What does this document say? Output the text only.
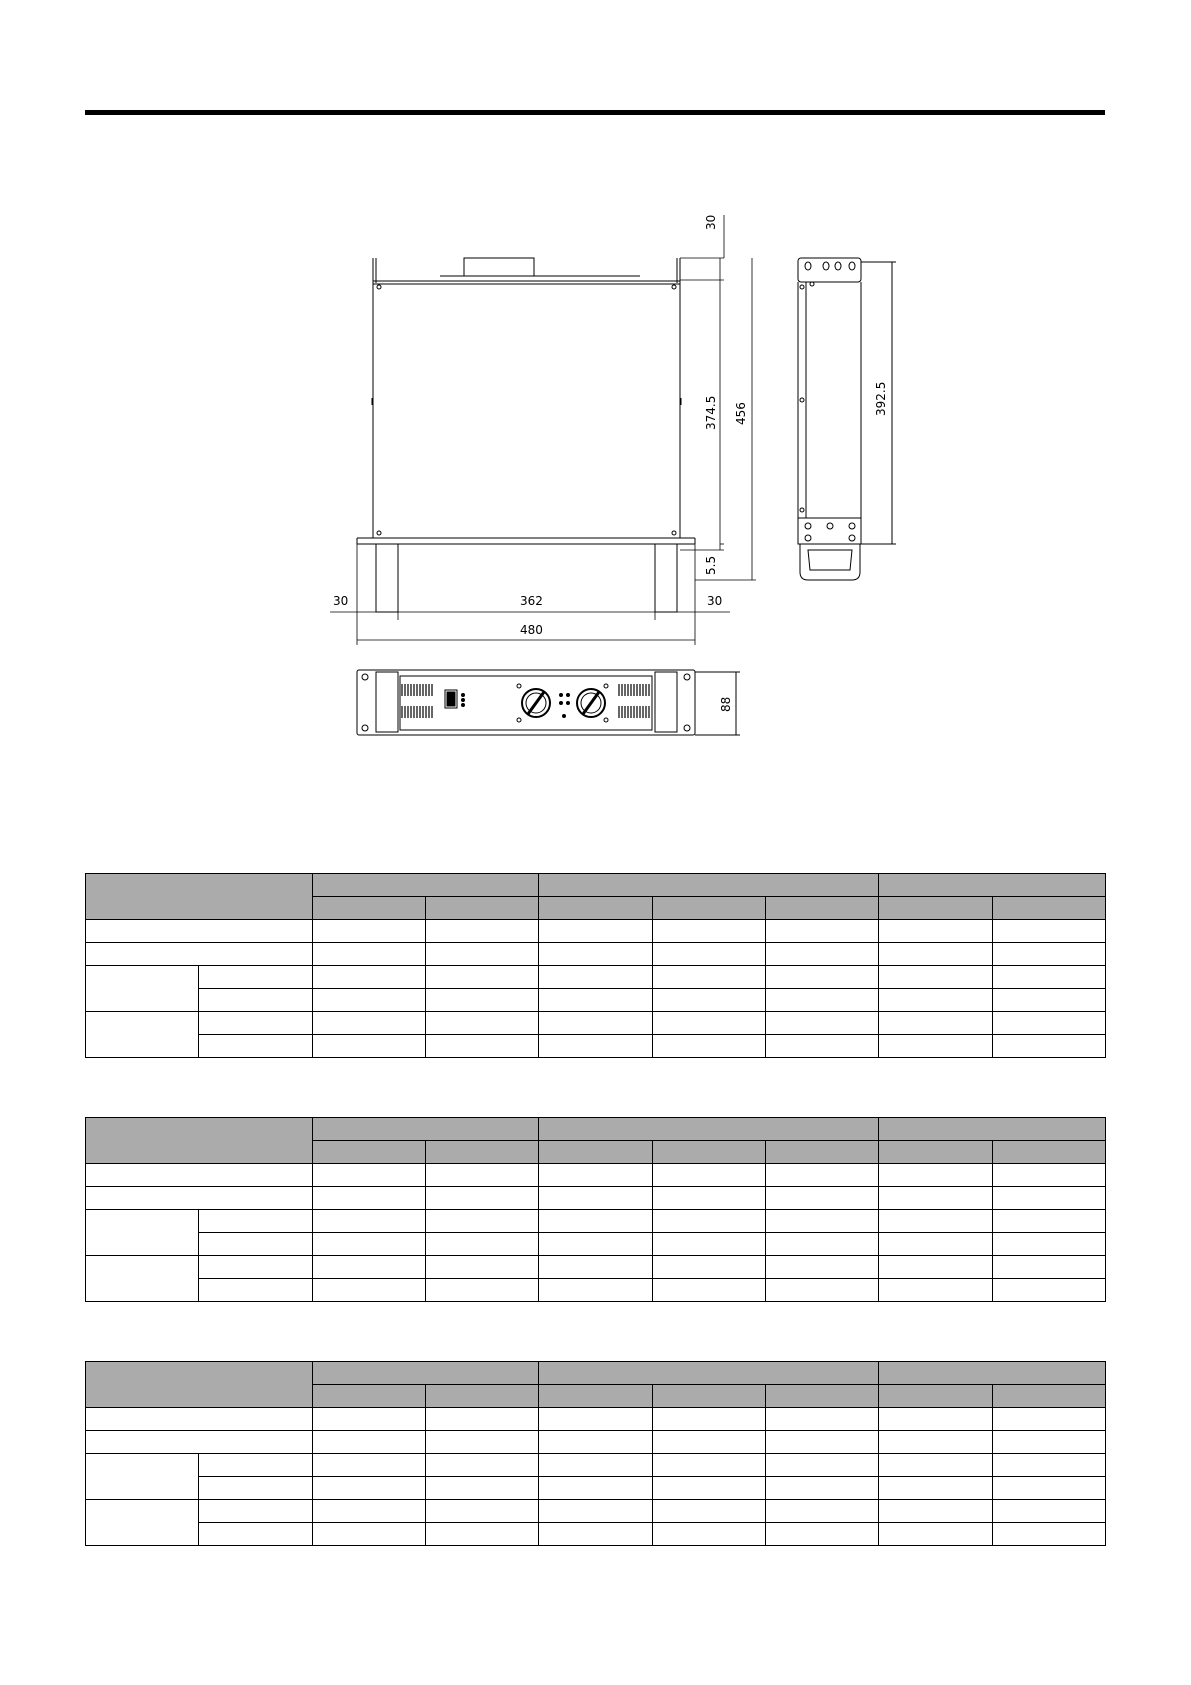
30
374.5 456
5.5
30	362	30
480
88
392.5
